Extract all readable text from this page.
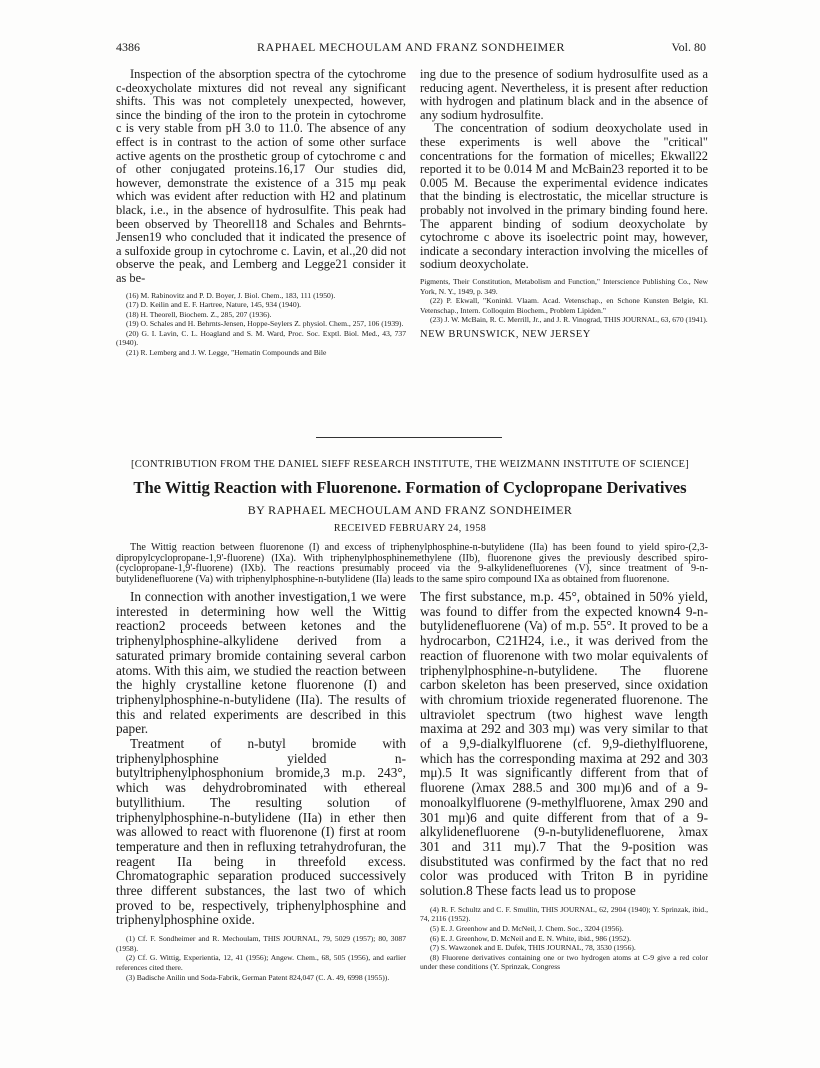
4386	RAPHAEL MECHOULAM AND FRANZ SONDHEIMER	Vol. 80

Inspection of the absorption spectra of the cytochrome c-deoxycholate mixtures did not reveal any significant shifts. This was not completely unexpected, however, since the binding of the iron to the protein in cytochrome c is very stable from pH 3.0 to 11.0. The absence of any effect is in contrast to the action of some other surface active agents on the prosthetic group of cytochrome c and of other conjugated proteins.16,17 Our studies did, however, demonstrate the existence of a 315 mμ peak which was evident after reduction with H2 and platinum black, i.e., in the absence of hydrosulfite. This peak had been observed by Theorell18 and Schales and Behrnts-Jensen19 who concluded that it indicated the presence of a sulfoxide group in cytochrome c. Lavin, et al.,20 did not observe the peak, and Lemberg and Legge21 consider it as be-

(16) M. Rabinovitz and P. D. Boyer, J. Biol. Chem., 183, 111 (1950).
(17) D. Keilin and E. F. Hartree, Nature, 145, 934 (1940).
(18) H. Theorell, Biochem. Z., 285, 207 (1936).
(19) O. Schales and H. Behrnts-Jensen, Hoppe-Seylers Z. physiol. Chem., 257, 106 (1939).
(20) G. I. Lavin, C. L. Hoagland and S. M. Ward, Proc. Soc. Exptl. Biol. Med., 43, 737 (1940).
(21) R. Lemberg and J. W. Legge, "Hematin Compounds and Bile

ing due to the presence of sodium hydrosulfite used as a reducing agent. Nevertheless, it is present after reduction with hydrogen and platinum black and in the absence of any sodium hydrosulfite.

The concentration of sodium deoxycholate used in these experiments is well above the "critical" concentrations for the formation of micelles; Ekwall22 reported it to be 0.014 M and McBain23 reported it to be 0.005 M. Because the experimental evidence indicates that the binding is electrostatic, the micellar structure is probably not involved in the primary binding found here. The apparent binding of sodium deoxycholate by cytochrome c above its isoelectric point may, however, indicate a secondary interaction involving the micelles of sodium deoxycholate.

Pigments, Their Constitution, Metabolism and Function," Interscience Publishing Co., New York, N. Y., 1949, p. 349.
(22) P. Ekwall, "Koninkl. Vlaam. Acad. Vetenschap., en Schone Kunsten Belgie, Kl. Vetenschap., Intern. Colloquim Biochem., Problem Lipiden."
(23) J. W. McBain, R. C. Merrill, Jr., and J. R. Vinograd, THIS JOURNAL, 63, 670 (1941).
NEW BRUNSWICK, NEW JERSEY
[CONTRIBUTION FROM THE DANIEL SIEFF RESEARCH INSTITUTE, THE WEIZMANN INSTITUTE OF SCIENCE]
The Wittig Reaction with Fluorenone. Formation of Cyclopropane Derivatives
BY RAPHAEL MECHOULAM AND FRANZ SONDHEIMER
RECEIVED FEBRUARY 24, 1958
The Wittig reaction between fluorenone (I) and excess of triphenylphosphine-n-butylidene (IIa) has been found to yield spiro-(2,3-dipropylcyclopropane-1,9'-fluorene) (IXa). With triphenylphosphinemethylene (IIb), fluorenone gives the previously described spiro-(cyclopropane-1,9'-fluorene) (IXb). The reactions presumably proceed via the 9-alkylidenefluorenes (V), since treatment of 9-n-butylidenefluorene (Va) with triphenylphosphine-n-butylidene (IIa) leads to the same spiro compound IXa as obtained from fluorenone.

In connection with another investigation,1 we were interested in determining how well the Wittig reaction2 proceeds between ketones and the triphenylphosphine-alkylidene derived from a saturated primary bromide containing several carbon atoms. With this aim, we studied the reaction between the highly crystalline ketone fluorenone (I) and triphenylphosphine-n-butylidene (IIa). The results of this and related experiments are described in this paper.

Treatment of n-butyl bromide with triphenylphosphine yielded n-butyltriphenylphosphonium bromide,3 m.p. 243°, which was dehydrobrominated with ethereal butyllithium. The resulting solution of triphenylphosphine-n-butylidene (IIa) in ether then was allowed to react with fluorenone (I) first at room temperature and then in refluxing tetrahydrofuran, the reagent IIa being in threefold excess. Chromatographic separation produced successively three different substances, the last two of which proved to be, respectively, triphenylphosphine and triphenylphosphine oxide.

(1) Cf. F. Sondheimer and R. Mechoulam, THIS JOURNAL, 79, 5029 (1957); 80, 3087 (1958).
(2) Cf. G. Wittig, Experientia, 12, 41 (1956); Angew. Chem., 68, 505 (1956), and earlier references cited there.
(3) Badische Anilin und Soda-Fabrik, German Patent 824,047 (C. A. 49, 6998 (1955)).

The first substance, m.p. 45°, obtained in 50% yield, was found to differ from the expected known4 9-n-butylidenefluorene (Va) of m.p. 55°. It proved to be a hydrocarbon, C21H24, i.e., it was derived from the reaction of fluorenone with two molar equivalents of triphenylphosphine-n-butylidene. The fluorene carbon skeleton has been preserved, since oxidation with chromium trioxide regenerated fluorenone. The ultraviolet spectrum (two highest wave length maxima at 292 and 303 mμ) was very similar to that of a 9,9-dialkylfluorene (cf. 9,9-diethylfluorene, which has the corresponding maxima at 292 and 303 mμ).5 It was significantly different from that of fluorene (λmax 288.5 and 300 mμ)6 and of a 9-monoalkylfluorene (9-methylfluorene, λmax 290 and 301 mμ)6 and quite different from that of a 9-alkylidenefluorene (9-n-butylidenefluorene, λmax 301 and 311 mμ).7 That the 9-position was disubstituted was confirmed by the fact that no red color was produced with Triton B in pyridine solution.8 These facts lead us to propose

(4) R. F. Schultz and C. F. Smullin, THIS JOURNAL, 62, 2904 (1940); Y. Sprinzak, ibid., 74, 2116 (1952).
(5) E. J. Greenhow and D. McNeil, J. Chem. Soc., 3204 (1956).
(6) E. J. Greenhow, D. McNeil and E. N. White, ibid., 986 (1952).
(7) S. Wawzonek and E. Dufek, THIS JOURNAL, 78, 3530 (1956).
(8) Fluorene derivatives containing one or two hydrogen atoms at C-9 give a red color under these conditions (Y. Sprinzak, Congress
